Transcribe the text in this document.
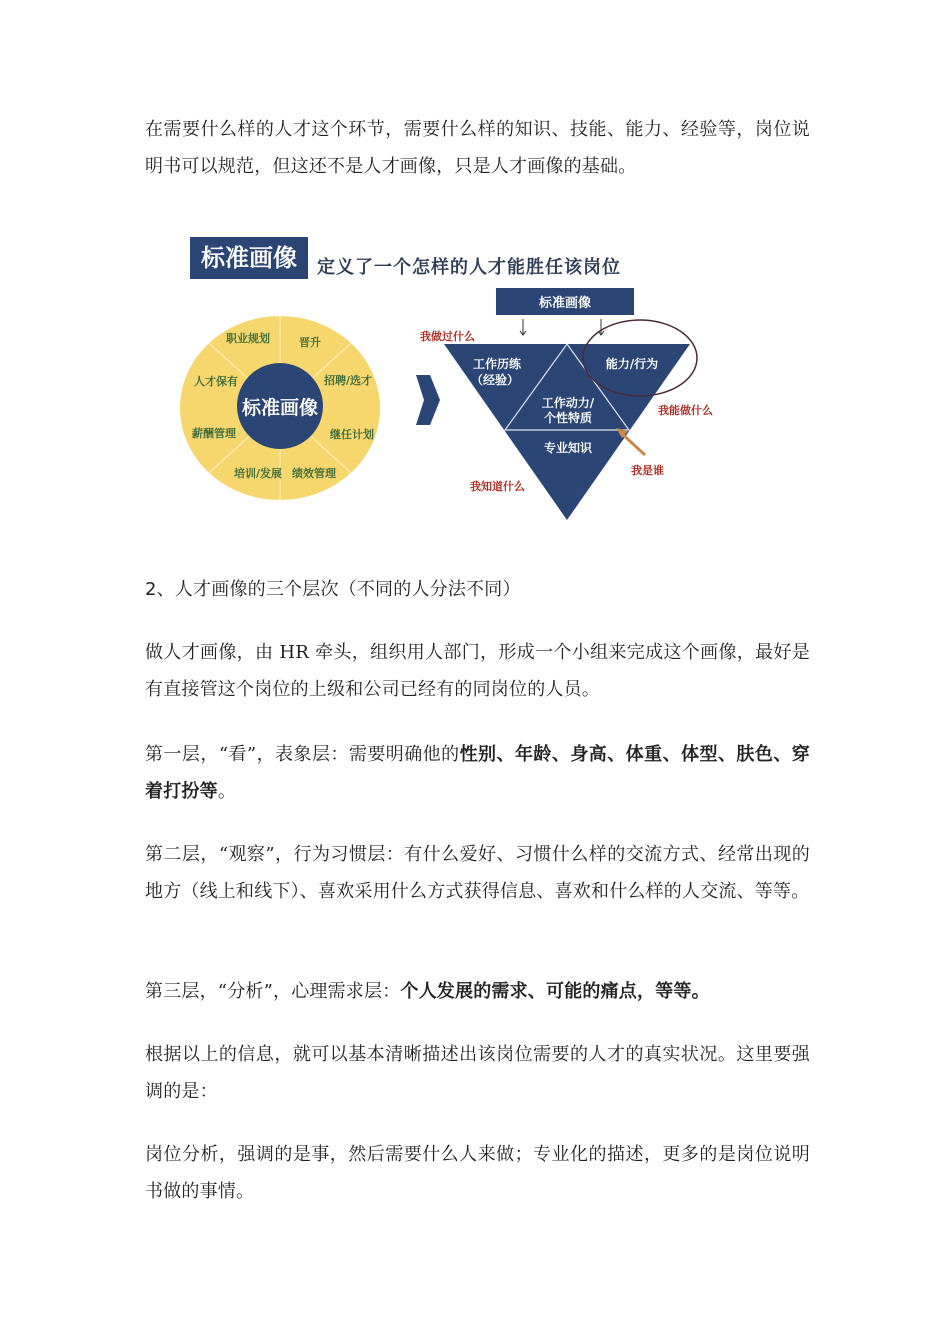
在需要什么样的人才这个环节，需要什么样的知识、技能、能力、经验等，岗位说明书可以规范，但这还不是人才画像，只是人才画像的基础。
标准画像	定义了一个怎样的人才能胜任该岗位
标准画像
职业规划	晋升
招聘/选才
继任计划
绩效管理
培训/发展
薪酬管理
人才保有
标准画像
工作历练
（经验）
能力/行为
工作动力/
个性特质
专业知识
我做过什么
我能做什么
我是谁
我知道什么
2、人才画像的三个层次（不同的人分法不同）
做人才画像，由 HR 牵头，组织用人部门，形成一个小组来完成这个画像，最好是有直接管这个岗位的上级和公司已经有的同岗位的人员。
第一层，“看”，表象层：需要明确他的性别、年龄、身高、体重、体型、肤色、穿着打扮等。
第二层，“观察”，行为习惯层：有什么爱好、习惯什么样的交流方式、经常出现的地方（线上和线下）、喜欢采用什么方式获得信息、喜欢和什么样的人交流、等等。
第三层，“分析”，心理需求层：个人发展的需求、可能的痛点，等等。
根据以上的信息，就可以基本清晰描述出该岗位需要的人才的真实状况。这里要强调的是：
岗位分析，强调的是事，然后需要什么人来做；专业化的描述，更多的是岗位说明书做的事情。
